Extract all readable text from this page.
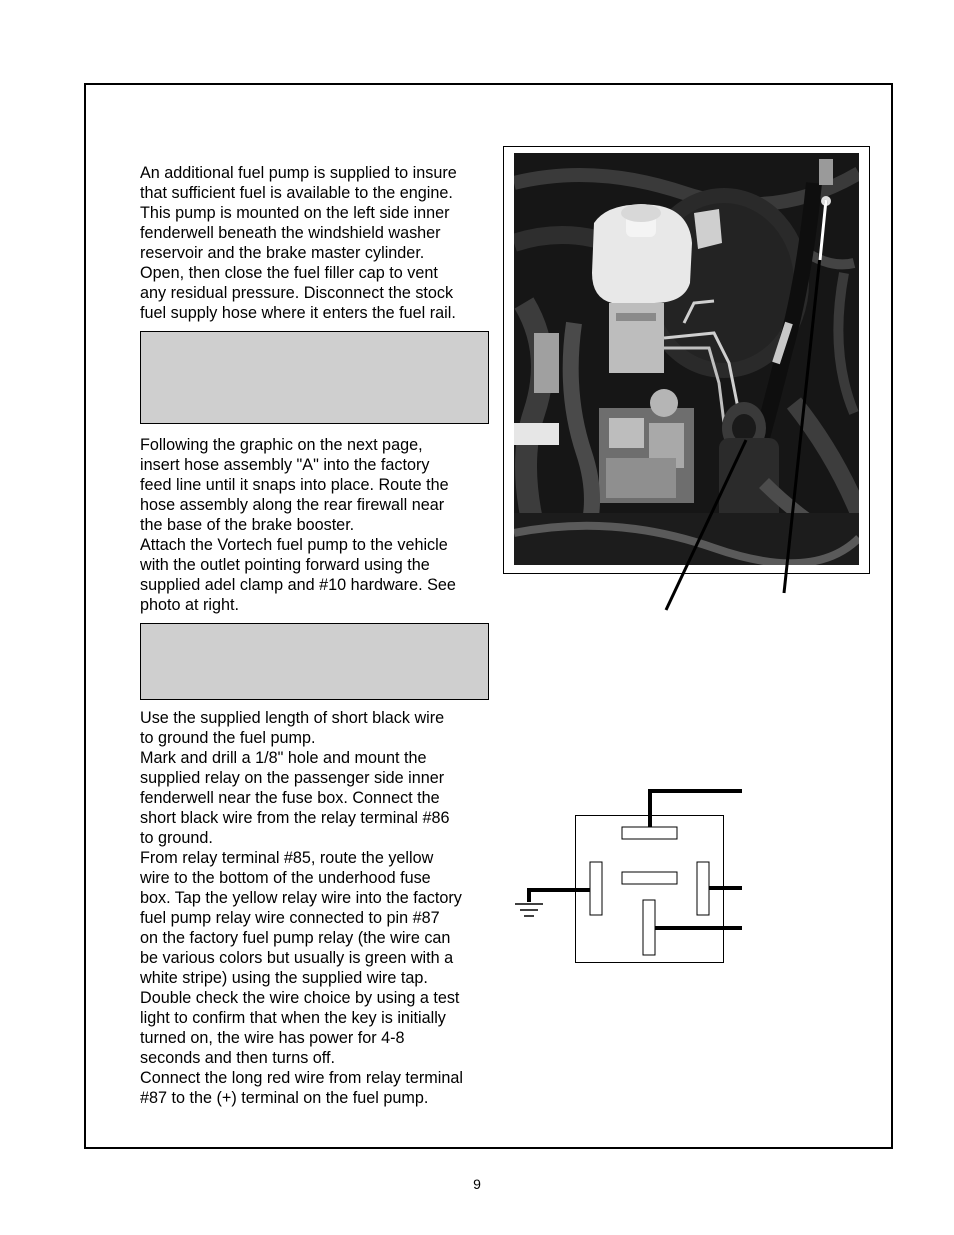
An additional fuel pump is supplied to insure

that sufficient fuel is available to the engine.

This pump is mounted on the left side inner

fenderwell beneath the windshield washer

reservoir and the brake master cylinder.

Open, then close the fuel filler cap to vent

any residual pressure. Disconnect the stock

fuel supply hose where it enters the fuel rail.

Following the graphic on the next page,

insert hose assembly "A" into the factory

feed line until it snaps into place. Route the

hose assembly along the rear firewall near

the base of the brake booster.

Attach the Vortech fuel pump to the vehicle

with the outlet pointing forward using the

supplied adel clamp and #10 hardware. See

photo at right.

Use the supplied length of short black wire

to ground the fuel pump.

Mark and drill a 1/8" hole and mount the

supplied relay on the passenger side inner

fenderwell near the fuse box. Connect the

short black wire from the relay terminal #86

to ground.

From relay terminal #85, route the yellow

wire to the bottom of the underhood fuse

box. Tap the yellow relay wire into the factory

fuel pump relay wire connected to pin #87

on the factory fuel pump relay (the wire can

be various colors but usually is green with a

white stripe) using the supplied wire tap.

Double check the wire choice by using a test

light to confirm that when the key is initially

turned on, the wire has power for 4-8

seconds and then turns off.

Connect the long red wire from relay terminal

#87 to the (+) terminal on the fuel pump.

9
